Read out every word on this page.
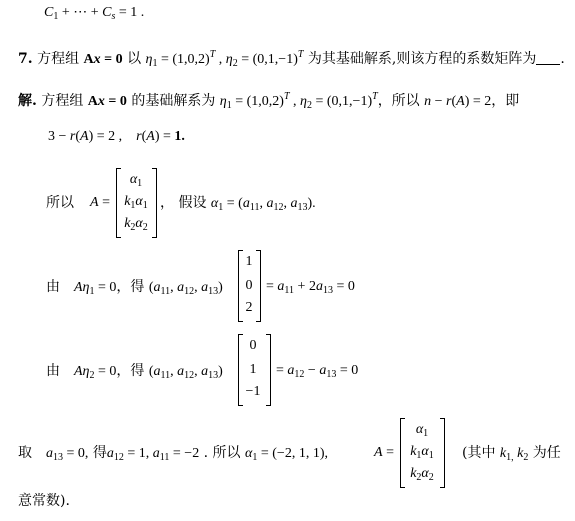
$C_1$ + ⋯ + $C_s = 1$ .
7. 方程组 Ax = 0 以 $\eta_1 = (1,0,2)^T$ , $\eta_2 = (0,1,-1)^T$ 为其基础解系,则该方程的系数矩阵为 .
解. 方程组 Ax = 0 的基础解系为 $\eta_1 = (1,0,2)^T$ , $\eta_2 = (0,1,-1)^T$，所以 n − r(A) = 2，即
3 − r(A) = 2 ,    r(A) = 1.
所以 A =
$\alpha_1$
$k_1\alpha_1$
$k_2\alpha_2$
， 假设 $\alpha_1 = (a_{11}$, $a_{12}$, $a_{13}$).
由 $A\eta_1 = 0$，得 ($a_{11}$, $a_{12}$, $a_{13}$)
1
0
2
= $a_{11} + 2a_{13} = 0$
由 $A\eta_2 = 0$，得 ($a_{11}$, $a_{12}$, $a_{13}$)
0
1
−1
= $a_{12} - a_{13} = 0$
取 $a_{13} = 0$, 得$a_{12} = 1$, $a_{11} = -2$ . 所以 $\alpha_1 = (-2$, 1, 1),	A =
$\alpha_1$
$k_1\alpha_1$
$k_2\alpha_2$
(其中 $k_{1,}$ $k_2$ 为任
意常数).
